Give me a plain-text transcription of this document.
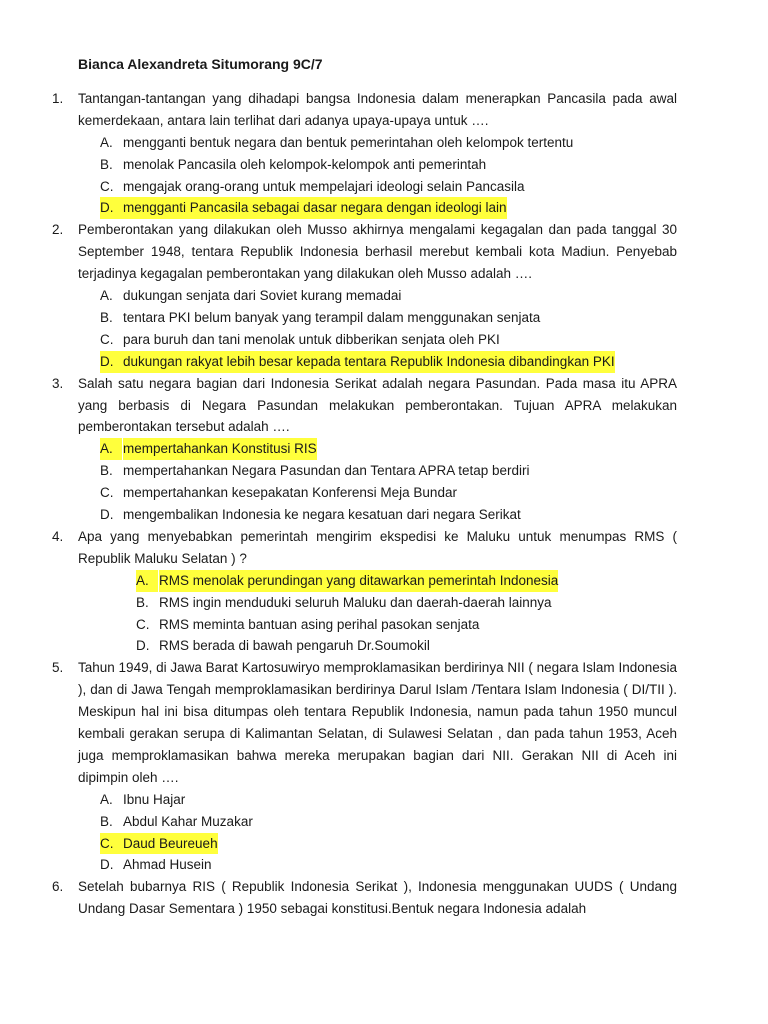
Bianca Alexandreta Situmorang 9C/7
1. Tantangan-tantangan yang dihadapi bangsa Indonesia dalam menerapkan Pancasila pada awal kemerdekaan, antara lain terlihat dari adanya upaya-upaya untuk ….
A. mengganti bentuk negara dan bentuk pemerintahan oleh kelompok tertentu
B. menolak Pancasila oleh kelompok-kelompok anti pemerintah
C. mengajak orang-orang untuk mempelajari ideologi selain Pancasila
D. mengganti Pancasila sebagai dasar negara dengan ideologi lain
2. Pemberontakan yang dilakukan oleh Musso akhirnya mengalami kegagalan dan pada tanggal 30 September 1948, tentara Republik Indonesia berhasil merebut kembali kota Madiun. Penyebab terjadinya kegagalan pemberontakan yang dilakukan oleh Musso adalah ….
A. dukungan senjata dari Soviet kurang memadai
B. tentara PKI belum banyak yang terampil dalam menggunakan senjata
C. para buruh dan tani menolak untuk dibberikan senjata oleh PKI
D. dukungan rakyat lebih besar kepada tentara Republik Indonesia dibandingkan PKI
3. Salah satu negara bagian dari Indonesia Serikat adalah negara Pasundan. Pada masa itu APRA yang berbasis di Negara Pasundan melakukan pemberontakan. Tujuan APRA melakukan pemberontakan tersebut adalah ….
A. mempertahankan Konstitusi RIS
B. mempertahankan Negara Pasundan dan Tentara APRA tetap berdiri
C. mempertahankan kesepakatan Konferensi Meja Bundar
D. mengembalikan Indonesia ke negara kesatuan dari negara Serikat
4. Apa yang menyebabkan pemerintah mengirim ekspedisi ke Maluku untuk menumpas RMS ( Republik Maluku Selatan ) ?
A. RMS menolak perundingan yang ditawarkan pemerintah Indonesia
B. RMS ingin menduduki seluruh Maluku dan daerah-daerah lainnya
C. RMS meminta bantuan asing perihal pasokan senjata
D. RMS berada di bawah pengaruh Dr.Soumokil
5. Tahun 1949, di Jawa Barat Kartosuwiryo memproklamasikan berdirinya NII ( negara Islam Indonesia ), dan di Jawa Tengah memproklamasikan berdirinya Darul Islam /Tentara Islam Indonesia ( DI/TII ). Meskipun hal ini bisa ditumpas oleh tentara Republik Indonesia, namun pada tahun 1950 muncul kembali gerakan serupa di Kalimantan Selatan, di Sulawesi Selatan , dan pada tahun 1953, Aceh juga memproklamasikan bahwa mereka merupakan bagian dari NII. Gerakan NII di Aceh ini dipimpin oleh ….
A. Ibnu Hajar
B. Abdul Kahar Muzakar
C. Daud Beureueh
D. Ahmad Husein
6. Setelah bubarnya RIS ( Republik Indonesia Serikat ), Indonesia menggunakan UUDS ( Undang Undang Dasar Sementara ) 1950 sebagai konstitusi.Bentuk negara Indonesia adalah
